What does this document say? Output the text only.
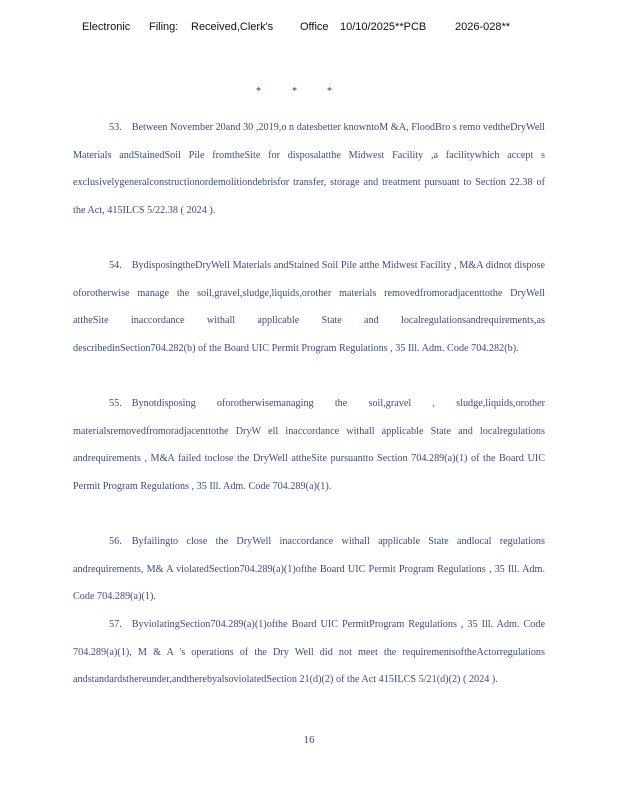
Electronic Filing: Received,Clerk's Office 10/10/2025**PCB	2026-028**
*	*	*

53. Between November 20and 30 ,2019,o n datesbetter knowntoM &A, FloodBro s remo vedtheDryWell Materials andStainedSoil Pile fromtheSite for disposalatthe Midwest Facility ,a facilitywhich accept s exclusivelygeneralconstructionordemolitiondebrisfor transfer, storage and treatment pursuant to Section 22.38 of the Act, 415ILCS 5/22.38 ( 2024 ).

54. BydisposingtheDryWell Materials andStained Soil Pile atthe Midwest Facility , M&A didnot dispose oforotherwise manage the soil,gravel,sludge,liquids,orother materials removedfromoradjacenttothe DryWell attheSite inaccordance withall applicable State and localregulationsandrequirements,as describedinSection704.282(b) of the Board UIC Permit Program Regulations , 35 Ill. Adm. Code 704.282(b).

55. Bynotdisposing oforotherwisemanaging the soil,gravel , sludge,liquids,orother materialsremovedfromoradjacenttothe DryW ell inaccordance withall applicable State and localregulations andrequirements , M&A failed toclose the DryWell attheSite pursuantto Section 704.289(a)(1) of the Board UIC Permit Program Regulations , 35 Ill. Adm. Code 704.289(a)(1).

56. Byfailingto close the DryWell inaccordance withall applicable State andlocal regulations andrequirements, M& A violatedSection704.289(a)(1)ofthe Board UIC Permit Program Regulations , 35 Ill. Adm. Code 704.289(a)(1).

57. ByviolatingSection704.289(a)(1)ofthe Board UIC PermitProgram Regulations , 35 Ill. Adm. Code 704.289(a)(1), M & A 's operations of the Dry Well did not meet the requirementsoftheActorregulations andstandardsthereunder,andtherebyalsoviolatedSection 21(d)(2) of the Act 415ILCS 5/21(d)(2) ( 2024 ).

16
